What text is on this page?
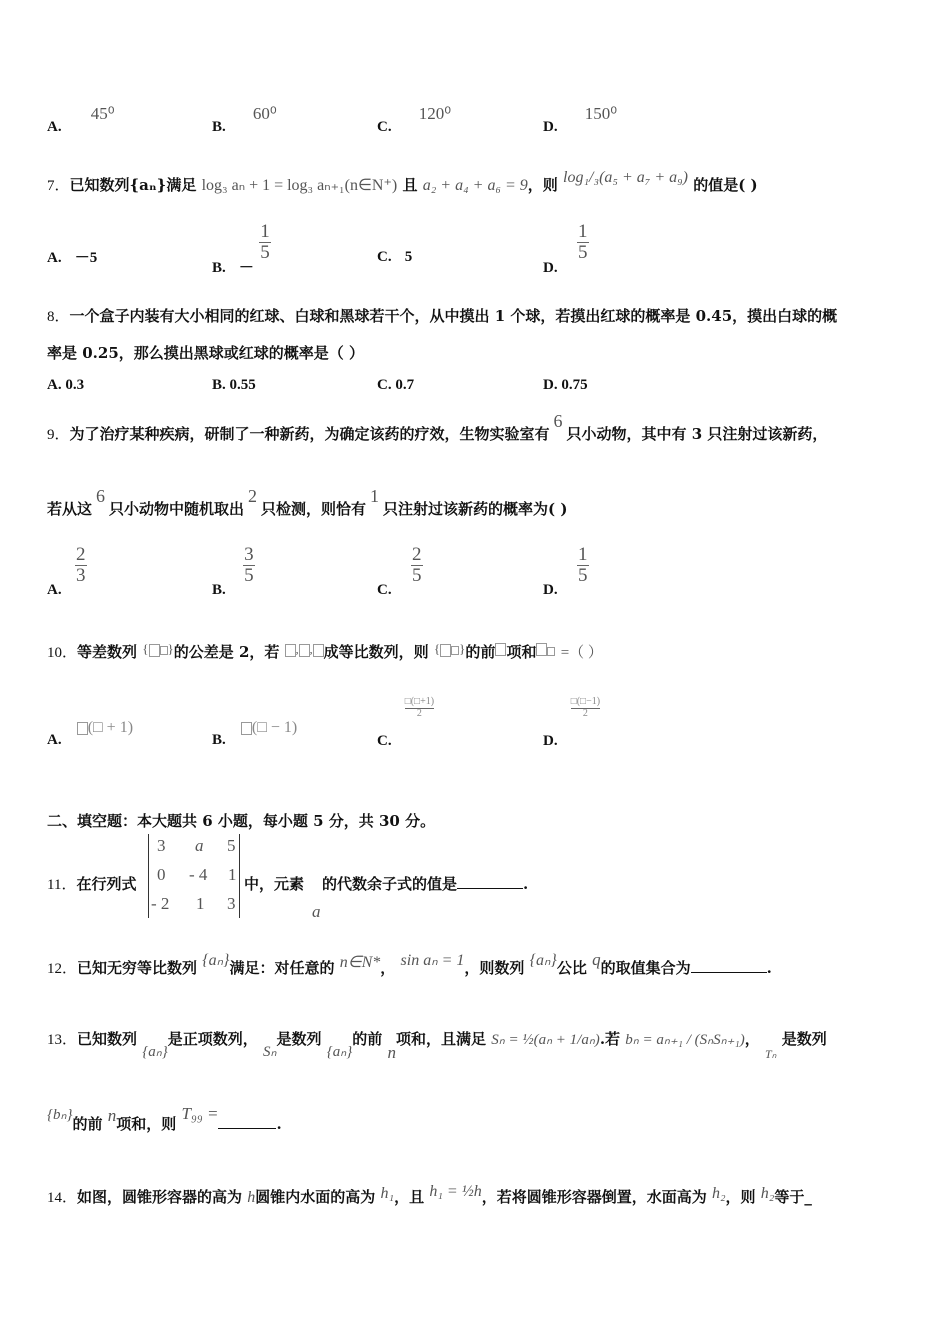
A. 45⁰
B. 60⁰
C. 120⁰
D. 150⁰
7．已知数列{aₙ}满足 log₃ aₙ + 1 = log₃ aₙ₊₁(n∈N⁺) 且 a₂ + a₄ + a₆ = 9，则 log₁/₃(a₅ + a₇ + a₉) 的值是( )
A. －5
B. －
$\frac{1}{5}$	C. 5
D.
$\frac{1}{5}$
8．一个盒子内装有大小相同的红球、白球和黑球若干个，从中摸出 1 个球，若摸出红球的概率是 0.45，摸出白球的概
率是 0.25，那么摸出黑球或红球的概率是（ ）
A. 0.3	B. 0.55	C. 0.7	D. 0.75
9．为了治疗某种疾病，研制了一种新药，为确定该药的疗效，生物实验室有6只小动物，其中有 3 只注射过该新药，
若从这6只小动物中随机取出2只检测，则恰有1只注射过该新药的概率为( )
A.
$\frac{2}{3}$
B.
$\frac{3}{5}$
C.
$\frac{2}{5}$
D.
$\frac{1}{5}$
10．等差数列 { }的公差是 2，若 , , 成等比数列，则 { }的前 项和 =（ ）
A. (□ + 1)
B. (□ − 1)
C.
$\frac{□(□+1)}{2}$
D.
$\frac{□(□-1)}{2}$
二、填空题：本大题共 6 小题，每小题 5 分，共 30 分。
11．在行列式
3 a 5
0 - 4 1
- 2 1 3
中，元素 的代数余子式的值是	.
a
12．已知无穷等比数列 {aₙ}满足：对任意的 n∈N*， sin aₙ = 1，则数列 {aₙ}公比 q的取值集合为	.
13．已知数列 {aₙ}是正项数列， Sₙ是数列 {aₙ}的前 n项和，且满足 Sₙ = ½(aₙ + 1/aₙ).若 bₙ = aₙ₊₁ / (SₙSₙ₊₁)， $_{T_n}$ 是数列
{bₙ}的前 n项和，则 T₉₉ =.
14．如图，圆锥形容器的高为 h圆锥内水面的高为 h₁，且 h₁ = ½h，若将圆锥形容器倒置，水面高为 h₂，则 h₂等于_
